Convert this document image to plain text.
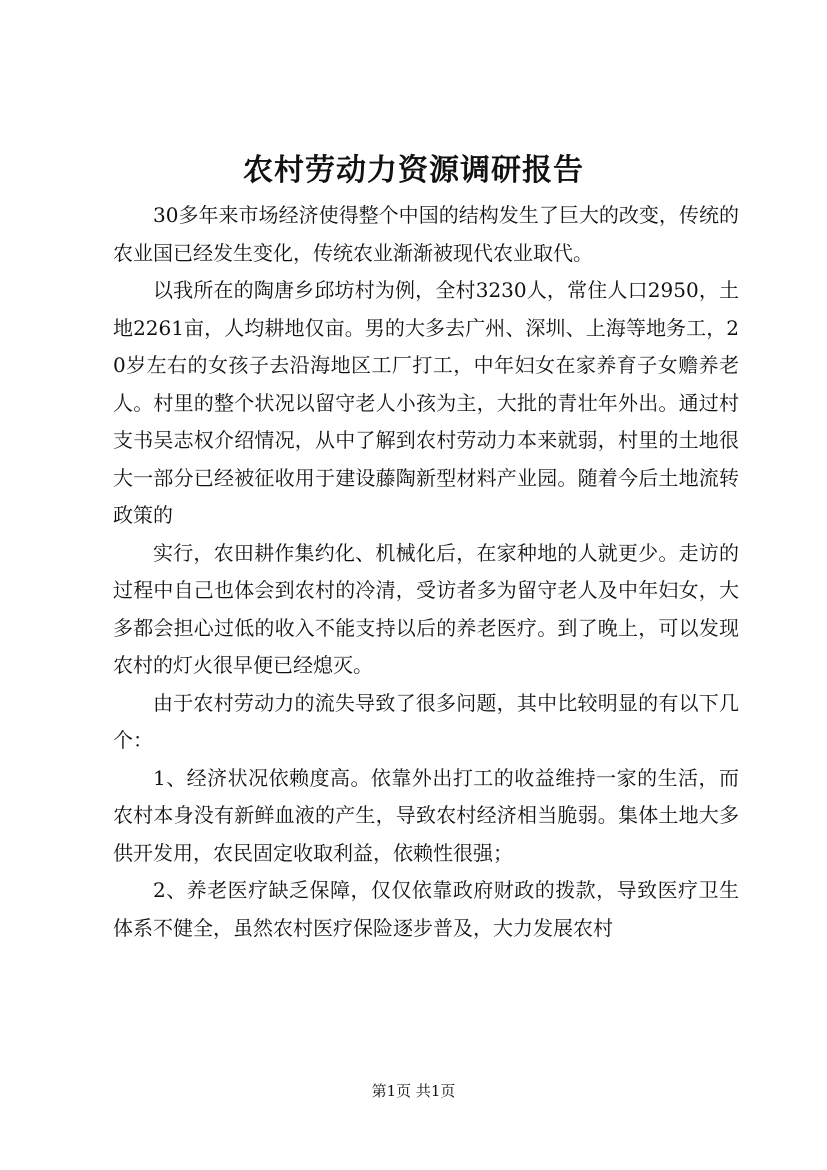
农村劳动力资源调研报告

30多年来市场经济使得整个中国的结构发生了巨大的改变，传统的农业国已经发生变化，传统农业渐渐被现代农业取代。

以我所在的陶唐乡邱坊村为例，全村3230人，常住人口2950，土地2261亩，人均耕地仅亩。男的大多去广州、深圳、上海等地务工，20岁左右的女孩子去沿海地区工厂打工，中年妇女在家养育子女赡养老人。村里的整个状况以留守老人小孩为主，大批的青壮年外出。通过村支书吴志权介绍情况，从中了解到农村劳动力本来就弱，村里的土地很大一部分已经被征收用于建设藤陶新型材料产业园。随着今后土地流转政策的

实行，农田耕作集约化、机械化后，在家种地的人就更少。走访的过程中自己也体会到农村的冷清，受访者多为留守老人及中年妇女，大多都会担心过低的收入不能支持以后的养老医疗。到了晚上，可以发现农村的灯火很早便已经熄灭。

由于农村劳动力的流失导致了很多问题，其中比较明显的有以下几个：

1、经济状况依赖度高。依靠外出打工的收益维持一家的生活，而农村本身没有新鲜血液的产生，导致农村经济相当脆弱。集体土地大多供开发用，农民固定收取利益，依赖性很强；

2、养老医疗缺乏保障，仅仅依靠政府财政的拨款，导致医疗卫生体系不健全，虽然农村医疗保险逐步普及，大力发展农村

第1页 共1页
